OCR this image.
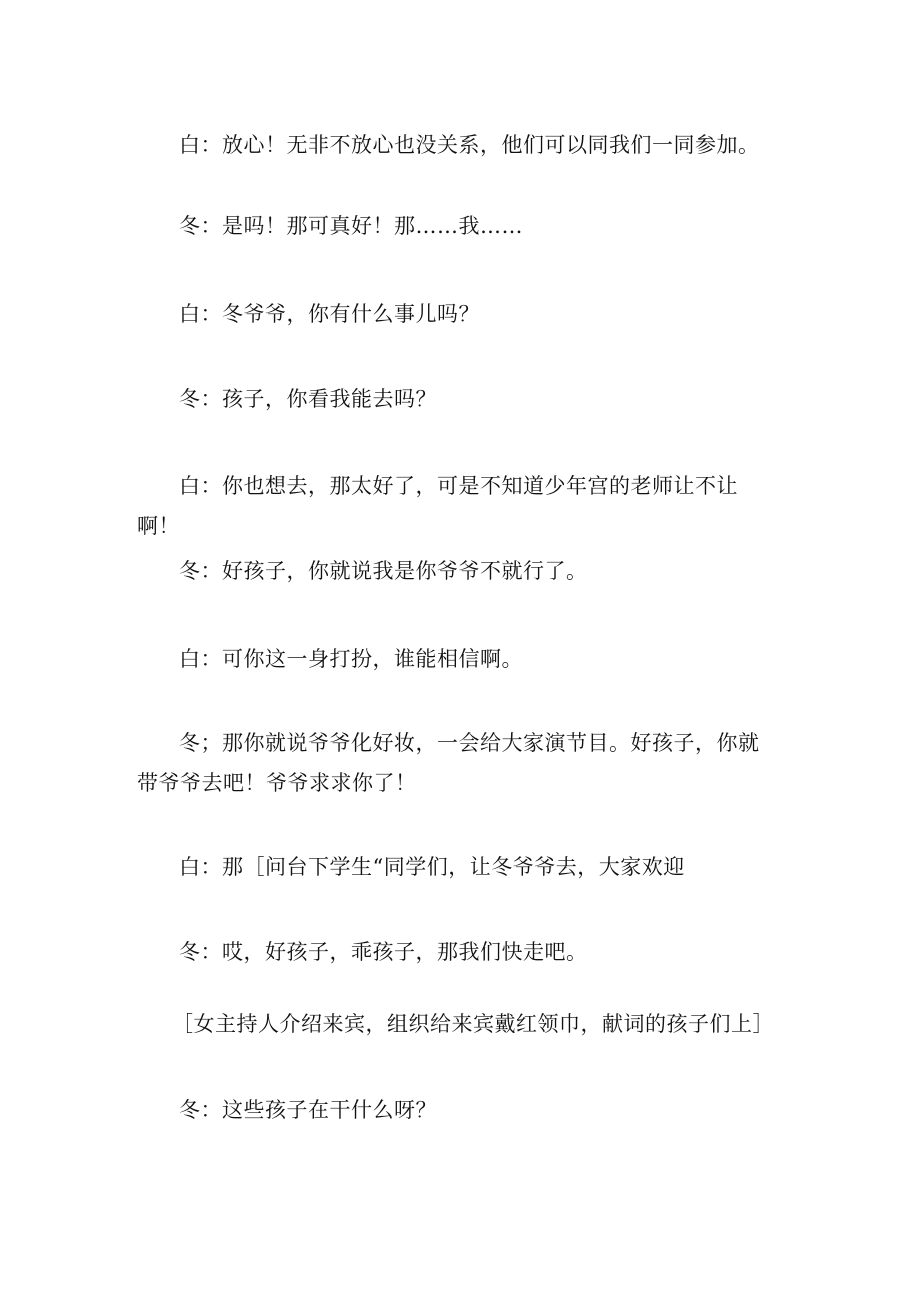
白：放心！无非不放心也没关系，他们可以同我们一同参加。

冬：是吗！那可真好！那……我……

白：冬爷爷，你有什么事儿吗？

冬：孩子，你看我能去吗？

白：你也想去，那太好了，可是不知道少年宫的老师让不让啊！

冬：好孩子，你就说我是你爷爷不就行了。

白：可你这一身打扮，谁能相信啊。

冬；那你就说爷爷化好妆，一会给大家演节目。好孩子，你就带爷爷去吧！爷爷求求你了！

白：那［问台下学生“同学们，让冬爷爷去，大家欢迎

冬：哎，好孩子，乖孩子，那我们快走吧。

［女主持人介绍来宾，组织给来宾戴红领巾，献词的孩子们上］

冬：这些孩子在干什么呀？
